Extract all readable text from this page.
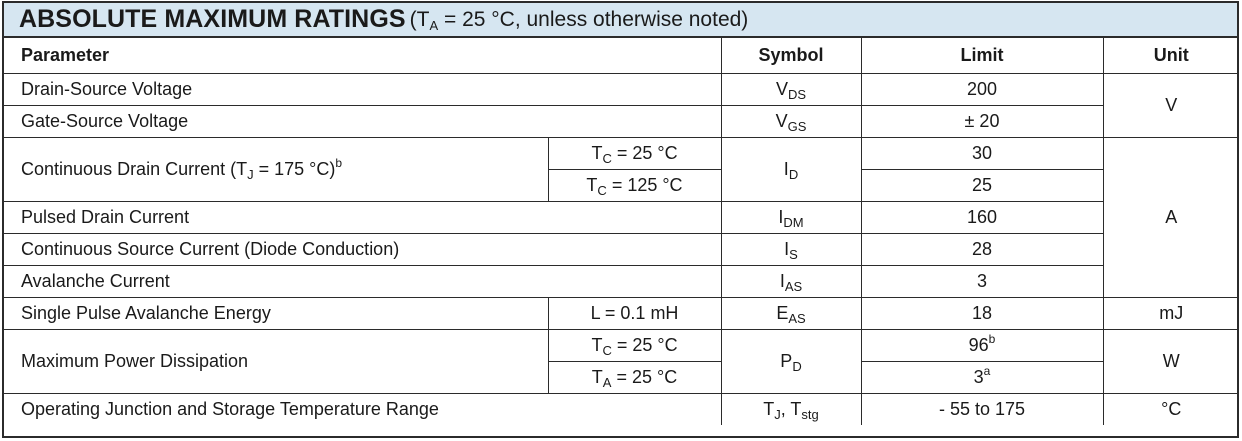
ABSOLUTE MAXIMUM RATINGS ($T_A = 25$ °C, unless otherwise noted)
Parameter		Symbol	Limit	Unit
Drain-Source Voltage		$V_{DS}$	200	V
Gate-Source Voltage		$V_{GS}$	± 20	
Continuous Drain Current ($T_J = 175$ °C)$^b$	$T_C = 25$ °C	$I_D$	30	A
	$T_C = 125$ °C		25	
Pulsed Drain Current		$I_{DM}$	160	
Continuous Source Current (Diode Conduction)		$I_S$	28	
Avalanche Current		$I_{AS}$	3	
Single Pulse Avalanche Energy	L = 0.1 mH	$E_{AS}$	18	mJ
Maximum Power Dissipation	$T_C = 25$ °C	$P_D$	96$^b$	W
	$T_A = 25$ °C		3$^a$
Operating Junction and Storage Temperature Range		$T_J$, $T_{stg}$	- 55 to 175	°C
